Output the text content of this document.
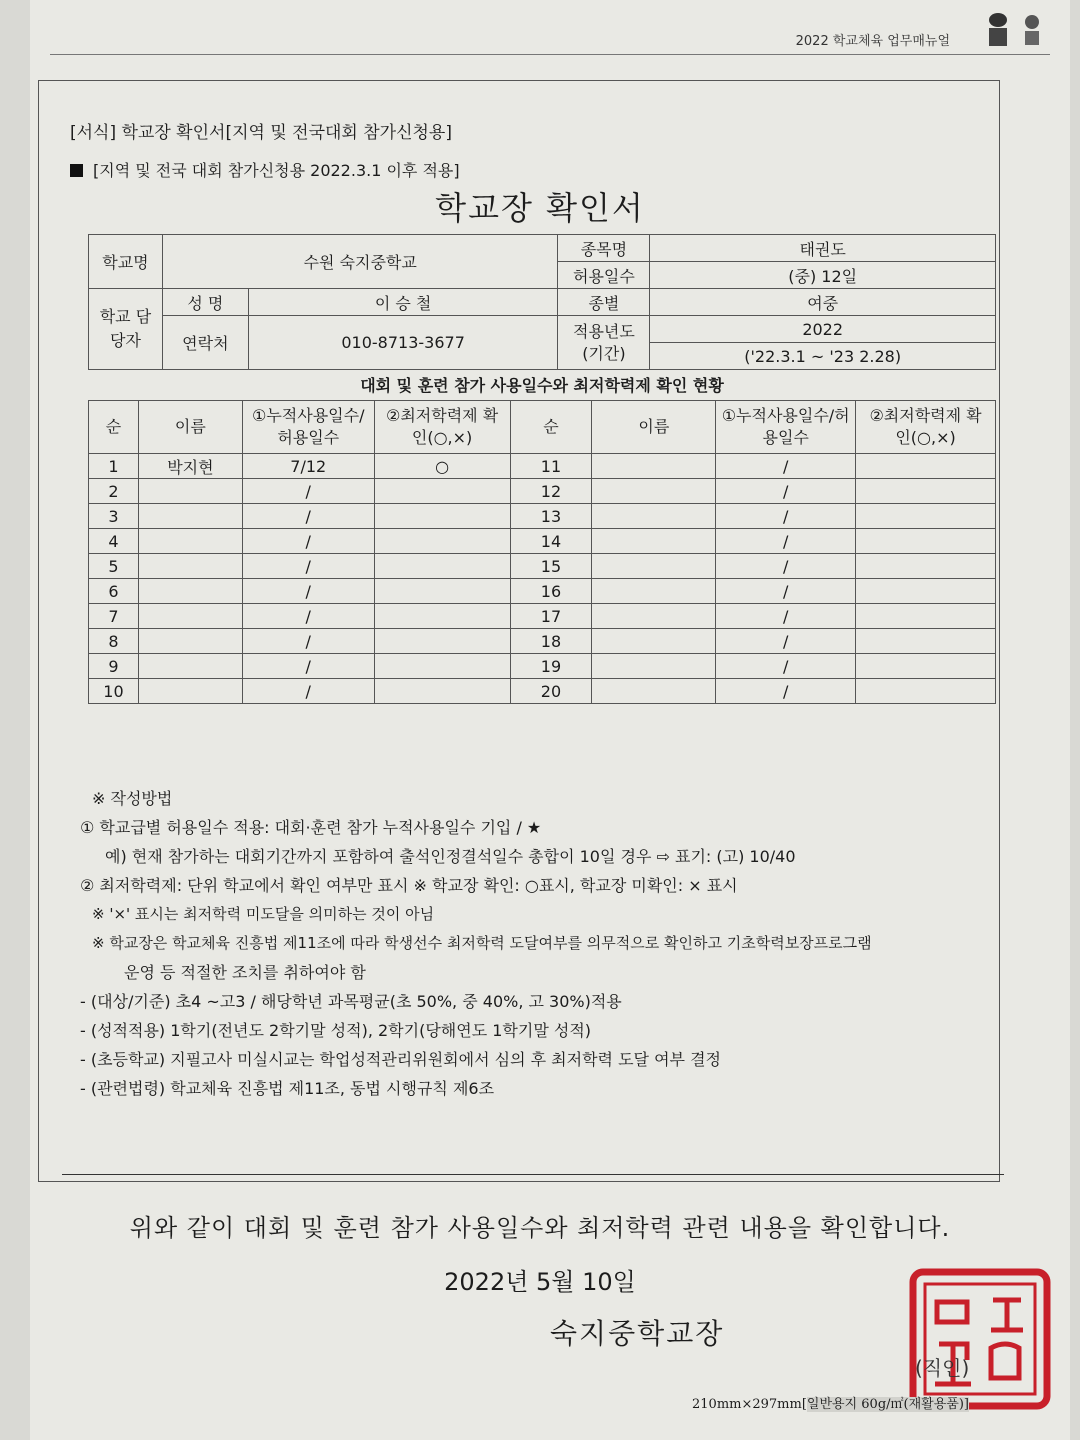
2022 학교체육 업무매뉴얼
[서식] 학교장 확인서[지역 및 전국대회 참가신청용]
[지역 및 전국 대회 참가신청용 2022.3.1 이후 적용]
학교장 확인서
학교명	수원 숙지중학교		종목명	태권도
			허용일수	(중) 12일
학교 담당자	성 명	이 승 철	종별	여중
	연락처	010-8713-3677	적용년도 (기간)	2022
				('22.3.1 ~ '23 2.28)
대회 및 훈련 참가 사용일수와 최저학력제 확인 현황
순	이름	①누적사용일수/허용일수	②최저학력제 확인(○,×)	순	이름	①누적사용일수/허용일수	②최저학력제 확인(○,×)
1	박지현	7/12	○	11		/	
2		/		12		/	
3		/		13		/	
4		/		14		/	
5		/		15		/	
6		/		16		/	
7		/		17		/	
8		/		18		/	
9		/		19		/	
10		/		20		/	
※ 작성방법
① 학교급별 허용일수 적용: 대회·훈련 참가 누적사용일수 기입 / ★
예) 현재 참가하는 대회기간까지 포함하여 출석인정결석일수 총합이 10일 경우 ⇨ 표기: (고) 10/40
② 최저학력제: 단위 학교에서 확인 여부만 표시 ※ 학교장 확인: ○표시, 학교장 미확인: × 표시
※ '×' 표시는 최저학력 미도달을 의미하는 것이 아님
※ 학교장은 학교체육 진흥법 제11조에 따라 학생선수 최저학력 도달여부를 의무적으로 확인하고 기초학력보장프로그램
운영 등 적절한 조치를 취하여야 함
- (대상/기준) 초4 ~고3 / 해당학년 과목평균(초 50%, 중 40%, 고 30%)적용
- (성적적용) 1학기(전년도 2학기말 성적), 2학기(당해연도 1학기말 성적)
- (초등학교) 지필고사 미실시교는 학업성적관리위원회에서 심의 후 최저학력 도달 여부 결정
- (관련법령) 학교체육 진흥법 제11조, 동법 시행규칙 제6조
위와 같이 대회 및 훈련 참가 사용일수와 최저학력 관련 내용을 확인합니다.
2022년 5월 10일
숙지중학교장
(직인)
210mm×297mm[일반용지 60g/㎡(재활용품)]
